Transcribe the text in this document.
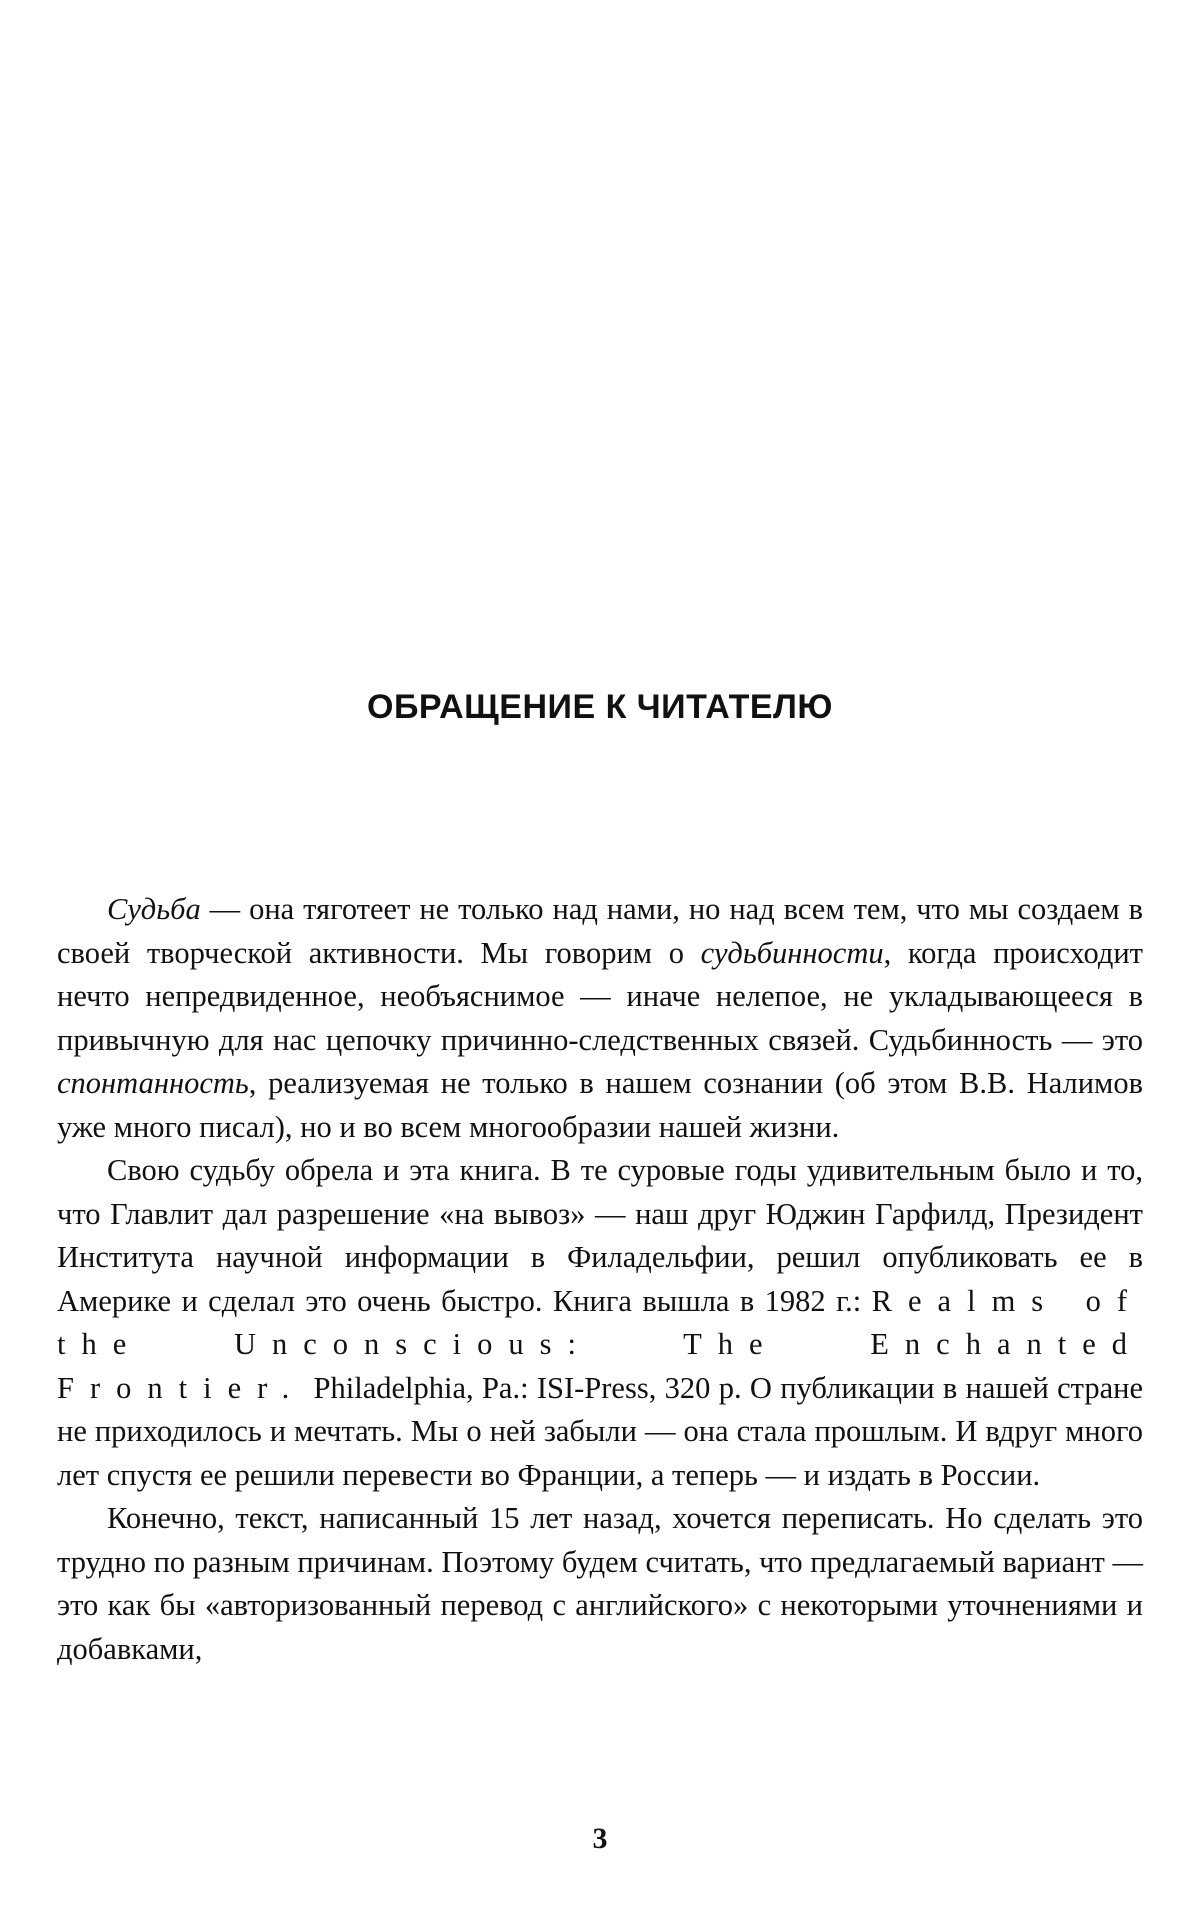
ОБРАЩЕНИЕ К ЧИТАТЕЛЮ

Судьба — она тяготеет не только над нами, но над всем тем, что мы создаем в своей творческой активности. Мы говорим о судьбинности, когда происходит нечто непредвиденное, необъяснимое — иначе нелепое, не укладывающееся в привычную для нас цепочку причинно-следственных связей. Судьбинность — это спонтанность, реализуемая не только в нашем сознании (об этом В.В. Налимов уже много писал), но и во всем многообразии нашей жизни.

Свою судьбу обрела и эта книга. В те суровые годы удивительным было и то, что Главлит дал разрешение «на вывоз» — наш друг Юджин Гарфилд, Президент Института научной информации в Филадельфии, решил опубликовать ее в Америке и сделал это очень быстро. Книга вышла в 1982 г.: Realms of the Unconscious: The Enchanted Frontier. Philadelphia, Pa.: ISI-Press, 320 p. О публикации в нашей стране не приходилось и мечтать. Мы о ней забыли — она стала прошлым. И вдруг много лет спустя ее решили перевести во Франции, а теперь — и издать в России.

Конечно, текст, написанный 15 лет назад, хочется переписать. Но сделать это трудно по разным причинам. Поэтому будем считать, что предлагаемый вариант — это как бы «авторизованный перевод с английского» с некоторыми уточнениями и добавками,

3
